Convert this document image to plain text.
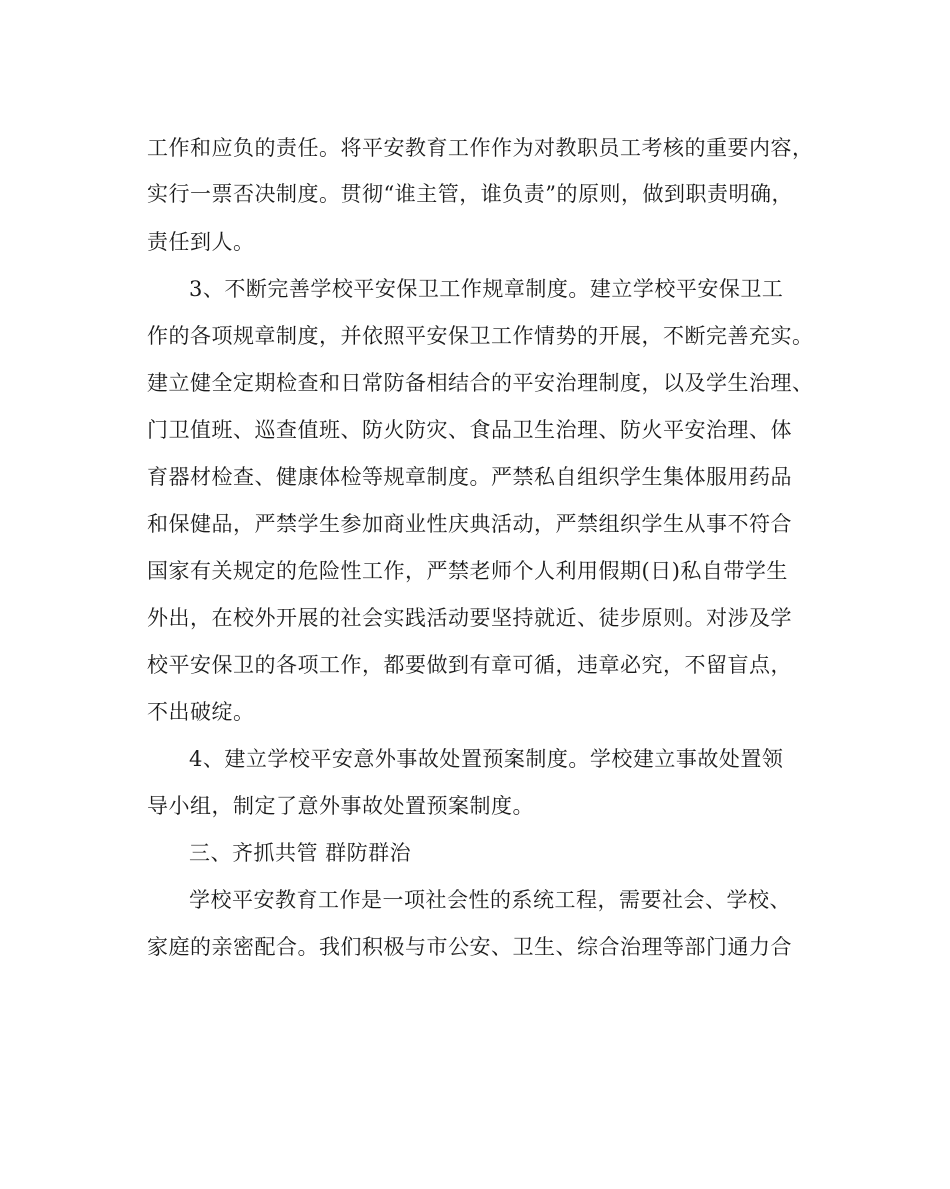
工作和应负的责任。将平安教育工作作为对教职员工考核的重要内容，
实行一票否决制度。贯彻“谁主管，谁负责”的原则，做到职责明确，
责任到人。
3、不断完善学校平安保卫工作规章制度。建立学校平安保卫工
作的各项规章制度，并依照平安保卫工作情势的开展，不断完善充实。
建立健全定期检查和日常防备相结合的平安治理制度，以及学生治理、
门卫值班、巡查值班、防火防灾、食品卫生治理、防火平安治理、体
育器材检查、健康体检等规章制度。严禁私自组织学生集体服用药品
和保健品，严禁学生参加商业性庆典活动，严禁组织学生从事不符合
国家有关规定的危险性工作，严禁老师个人利用假期(日)私自带学生
外出，在校外开展的社会实践活动要坚持就近、徒步原则。对涉及学
校平安保卫的各项工作，都要做到有章可循，违章必究，不留盲点，
不出破绽。
4、建立学校平安意外事故处置预案制度。学校建立事故处置领
导小组，制定了意外事故处置预案制度。
三、齐抓共管 群防群治
学校平安教育工作是一项社会性的系统工程，需要社会、学校、
家庭的亲密配合。我们积极与市公安、卫生、综合治理等部门通力合
